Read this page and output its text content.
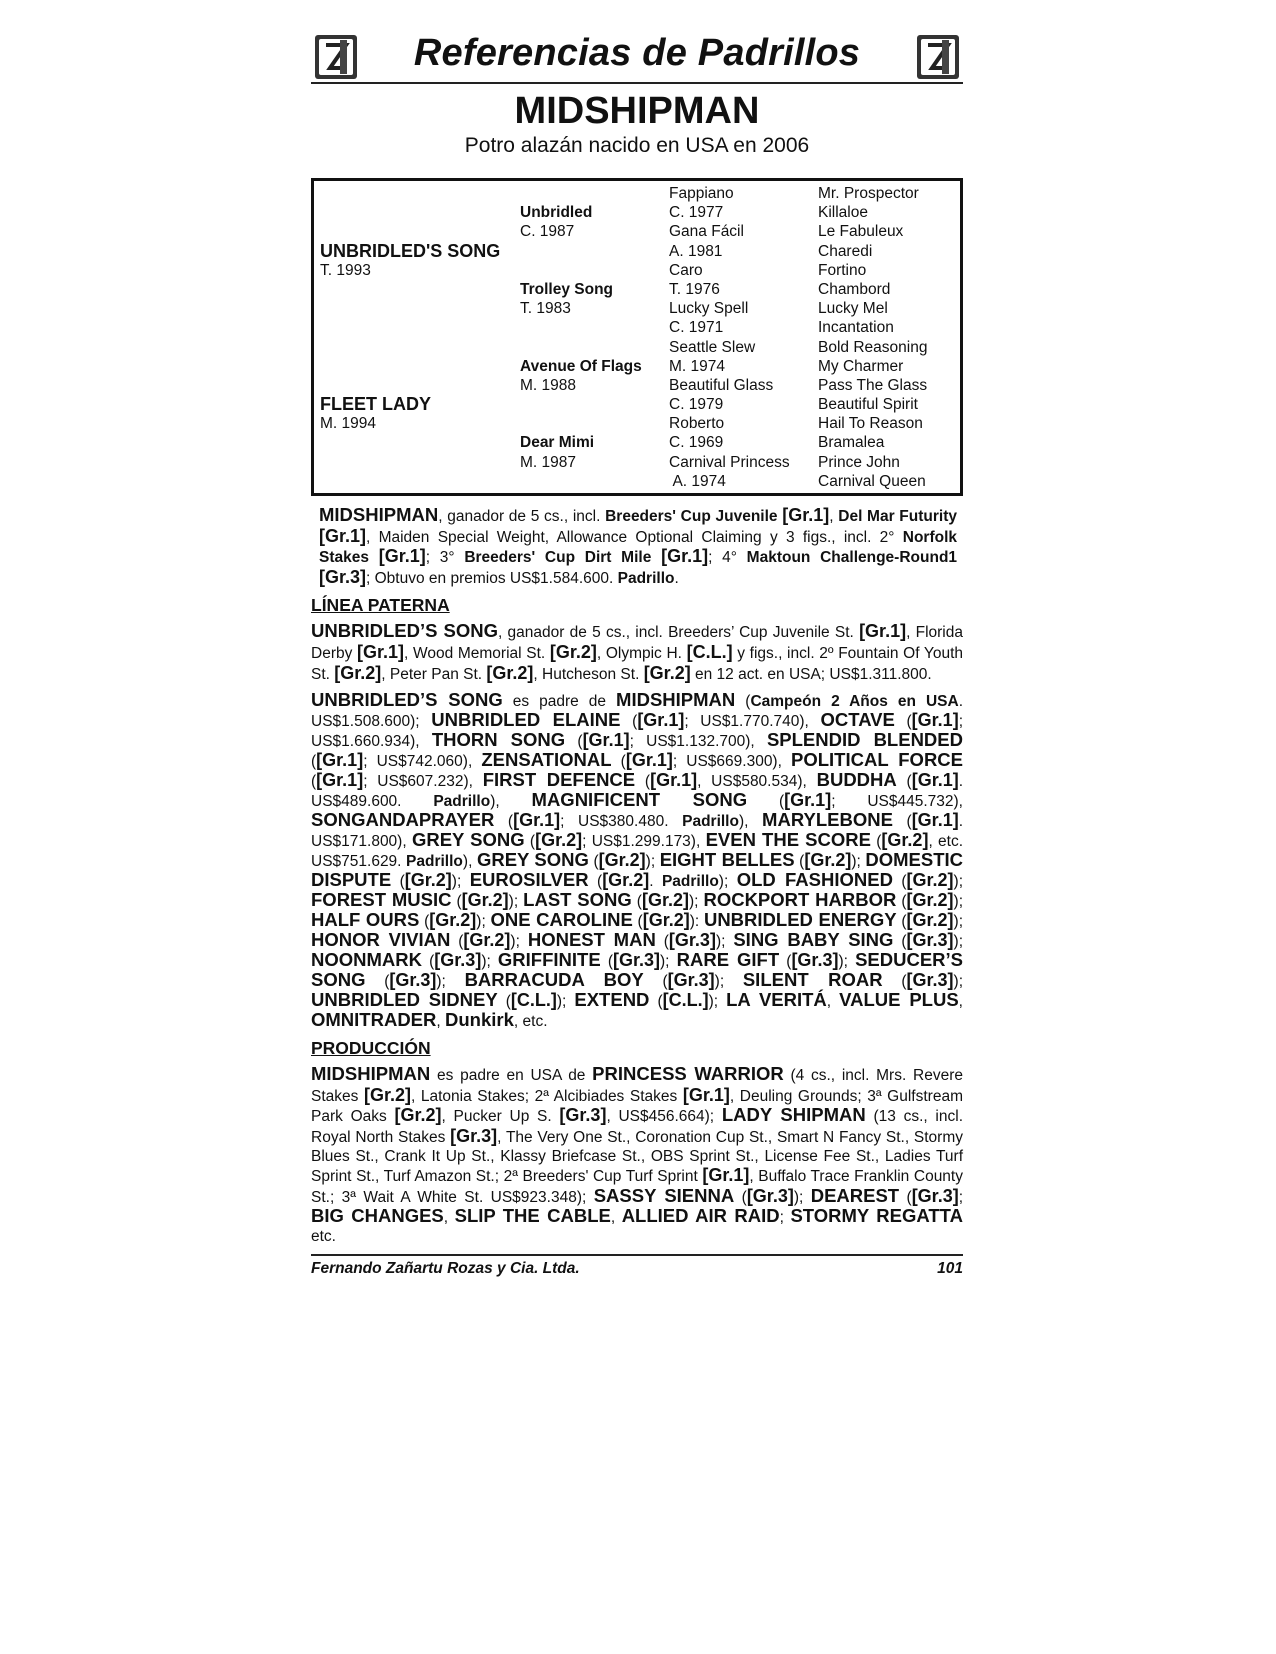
Referencias de Padrillos
MIDSHIPMAN
Potro alazán nacido en USA en 2006
UNBRIDLED'S SONG
T. 1993
FLEET LADY
M. 1994
Unbridled
C. 1987
Trolley Song
T. 1983
Avenue Of Flags
M. 1988
Dear Mimi
M. 1987
Fappiano
C. 1977
Gana Fácil
A. 1981
Caro
T. 1976
Lucky Spell
C. 1971
Seattle Slew
M. 1974
Beautiful Glass
C. 1979
Roberto
C. 1969
Carnival Princess
A. 1974
Mr. Prospector
Killaloe
Le Fabuleux
Charedi
Fortino
Chambord
Lucky Mel
Incantation
Bold Reasoning
My Charmer
Pass The Glass
Beautiful Spirit
Hail To Reason
Bramalea
Prince John
Carnival Queen
MIDSHIPMAN, ganador de 5 cs., incl. Breeders' Cup Juvenile [Gr.1], Del Mar Futurity [Gr.1], Maiden Special Weight, Allowance Optional Claiming y 3 figs., incl. 2° Norfolk Stakes [Gr.1]; 3° Breeders' Cup Dirt Mile [Gr.1]; 4° Maktoun Challenge-Round1 [Gr.3]; Obtuvo en premios US$1.584.600. Padrillo.
LÍNEA PATERNA
UNBRIDLED’S SONG, ganador de 5 cs., incl. Breeders’ Cup Juvenile St. [Gr.1], Florida Derby [Gr.1], Wood Memorial St. [Gr.2], Olympic H. [C.L.] y figs., incl. 2º Fountain Of Youth St. [Gr.2], Peter Pan St. [Gr.2], Hutcheson St. [Gr.2] en 12 act. en USA; US$1.311.800.
UNBRIDLED’S SONG es padre de MIDSHIPMAN (Campeón 2 Años en USA. US$1.508.600); UNBRIDLED ELAINE ([Gr.1]; US$1.770.740), OCTAVE ([Gr.1]; US$1.660.934), THORN SONG ([Gr.1]; US$1.132.700), SPLENDID BLENDED ([Gr.1]; US$742.060), ZENSATIONAL ([Gr.1]; US$669.300), POLITICAL FORCE ([Gr.1]; US$607.232), FIRST DEFENCE ([Gr.1], US$580.534), BUDDHA ([Gr.1]. US$489.600. Padrillo), MAGNIFICENT SONG ([Gr.1]; US$445.732), SONGANDAPRAYER ([Gr.1]; US$380.480. Padrillo), MARYLEBONE ([Gr.1]. US$171.800), GREY SONG ([Gr.2]; US$1.299.173), EVEN THE SCORE ([Gr.2], etc. US$751.629. Padrillo), GREY SONG ([Gr.2]); EIGHT BELLES ([Gr.2]); DOMESTIC DISPUTE ([Gr.2]); EUROSILVER ([Gr.2]. Padrillo); OLD FASHIONED ([Gr.2]); FOREST MUSIC ([Gr.2]); LAST SONG ([Gr.2]); ROCKPORT HARBOR ([Gr.2]); HALF OURS ([Gr.2]); ONE CAROLINE ([Gr.2]): UNBRIDLED ENERGY ([Gr.2]); HONOR VIVIAN ([Gr.2]); HONEST MAN ([Gr.3]); SING BABY SING ([Gr.3]); NOONMARK ([Gr.3]); GRIFFINITE ([Gr.3]); RARE GIFT ([Gr.3]); SEDUCER’S SONG ([Gr.3]); BARRACUDA BOY ([Gr.3]); SILENT ROAR ([Gr.3]); UNBRIDLED SIDNEY ([C.L.]); EXTEND ([C.L.]); LA VERITÁ, VALUE PLUS, OMNITRADER, Dunkirk, etc.
PRODUCCIÓN
MIDSHIPMAN es padre en USA de PRINCESS WARRIOR (4 cs., incl. Mrs. Revere Stakes [Gr.2], Latonia Stakes; 2ª Alcibiades Stakes [Gr.1], Deuling Grounds; 3ª Gulfstream Park Oaks [Gr.2], Pucker Up S. [Gr.3], US$456.664); LADY SHIPMAN (13 cs., incl. Royal North Stakes [Gr.3], The Very One St., Coronation Cup St., Smart N Fancy St., Stormy Blues St., Crank It Up St., Klassy Briefcase St., OBS Sprint St., License Fee St., Ladies Turf Sprint St., Turf Amazon St.; 2ª Breeders' Cup Turf Sprint [Gr.1], Buffalo Trace Franklin County St.; 3ª Wait A White St. US$923.348); SASSY SIENNA ([Gr.3]); DEAREST ([Gr.3]; BIG CHANGES, SLIP THE CABLE, ALLIED AIR RAID; STORMY REGATTA etc.
Fernando Zañartu Rozas y Cia. Ltda.	101
